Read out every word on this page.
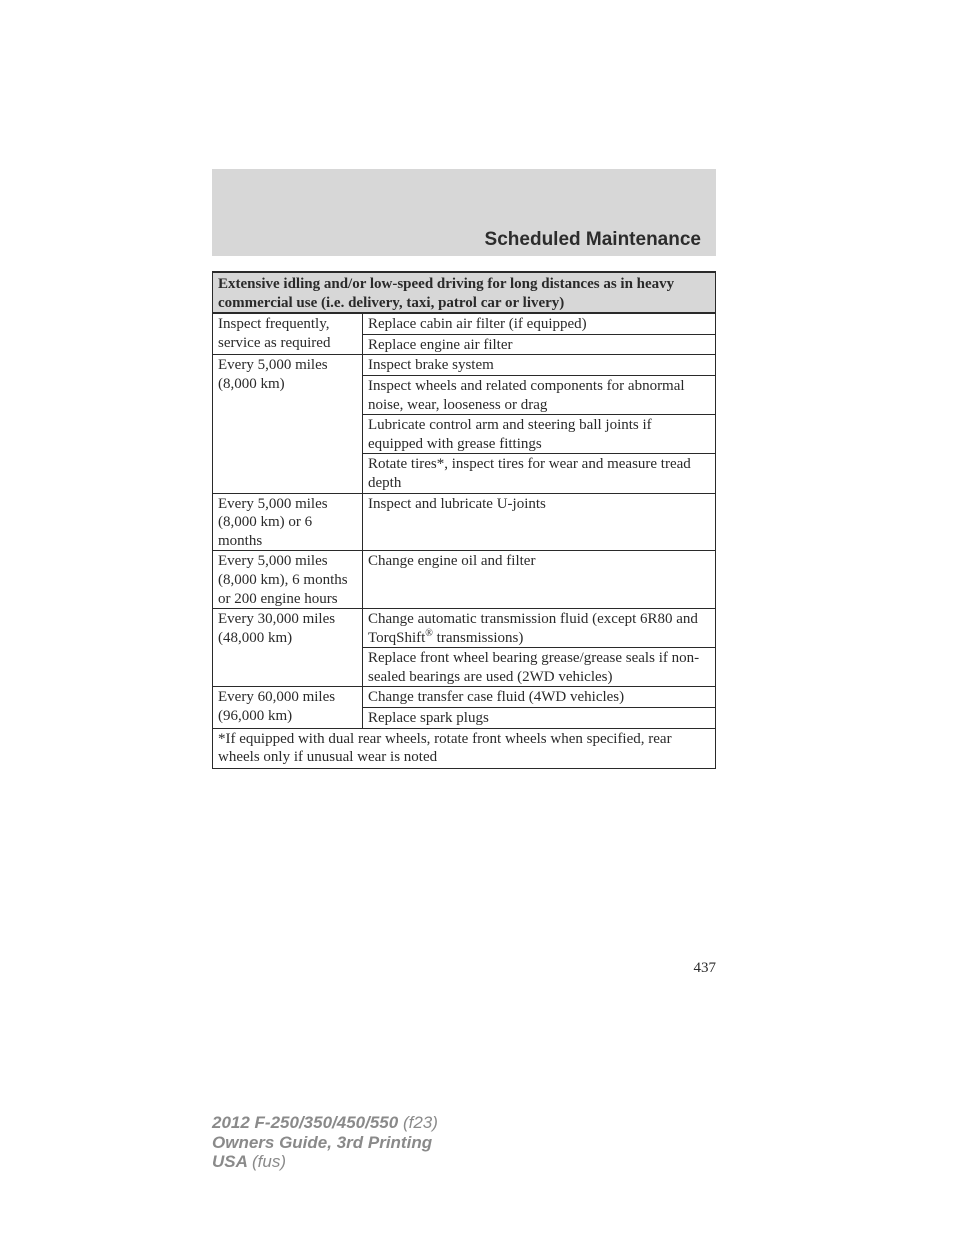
Scheduled Maintenance
Extensive idling and/or low-speed driving for long distances as in heavy commercial use (i.e. delivery, taxi, patrol car or livery)	
Inspect frequently, service as required	Replace cabin air filter (if equipped)
	Replace engine air filter
Every 5,000 miles (8,000 km)	Inspect brake system
	Inspect wheels and related components for abnormal noise, wear, looseness or drag
	Lubricate control arm and steering ball joints if equipped with grease fittings
	Rotate tires*, inspect tires for wear and measure tread depth
Every 5,000 miles (8,000 km) or 6 months	Inspect and lubricate U-joints
Every 5,000 miles (8,000 km), 6 months or 200 engine hours	Change engine oil and filter
Every 30,000 miles (48,000 km)	Change automatic transmission fluid (except 6R80 and TorqShift® transmissions)
	Replace front wheel bearing grease/grease seals if non-sealed bearings are used (2WD vehicles)
Every 60,000 miles (96,000 km)	Change transfer case fluid (4WD vehicles)
	Replace spark plugs
*If equipped with dual rear wheels, rotate front wheels when specified, rear wheels only if unusual wear is noted	
437
2012 F-250/350/450/550 (f23)
Owners Guide, 3rd Printing
USA (fus)
